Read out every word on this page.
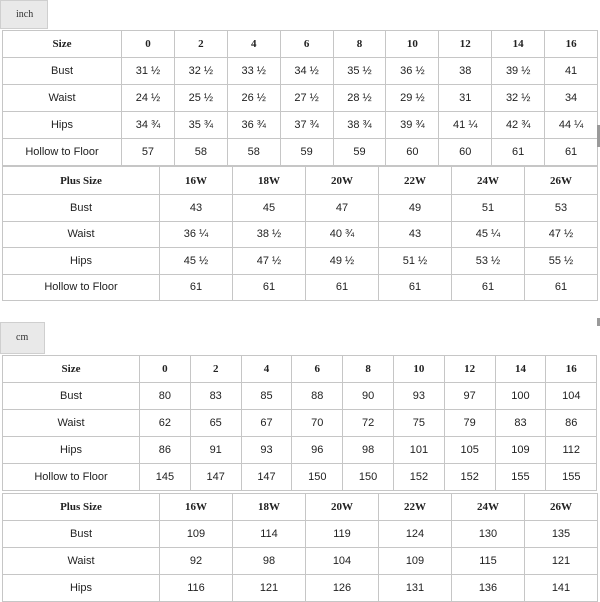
inch
Size	0	2	4	6	8	10	12	14	16
Bust	31 ½	32 ½	33 ½	34 ½	35 ½	36 ½	38	39 ½	41
Waist	24 ½	25 ½	26 ½	27 ½	28 ½	29 ½	31	32 ½	34
Hips	34 ¾	35 ¾	36 ¾	37 ¾	38 ¾	39 ¾	41 ¼	42 ¾	44 ¼
Hollow to Floor	57	58	58	59	59	60	60	61	61
Plus Size	16W	18W	20W	22W	24W	26W
Bust	43	45	47	49	51	53
Waist	36 ¼	38 ½	40 ¾	43	45 ¼	47 ½
Hips	45 ½	47 ½	49 ½	51 ½	53 ½	55 ½
Hollow to Floor	61	61	61	61	61	61
cm
Size	0	2	4	6	8	10	12	14	16
Bust	80	83	85	88	90	93	97	100	104
Waist	62	65	67	70	72	75	79	83	86
Hips	86	91	93	96	98	101	105	109	112
Hollow to Floor	145	147	147	150	150	152	152	155	155
Plus Size	16W	18W	20W	22W	24W	26W
Bust	109	114	119	124	130	135
Waist	92	98	104	109	115	121
Hips	116	121	126	131	136	141
